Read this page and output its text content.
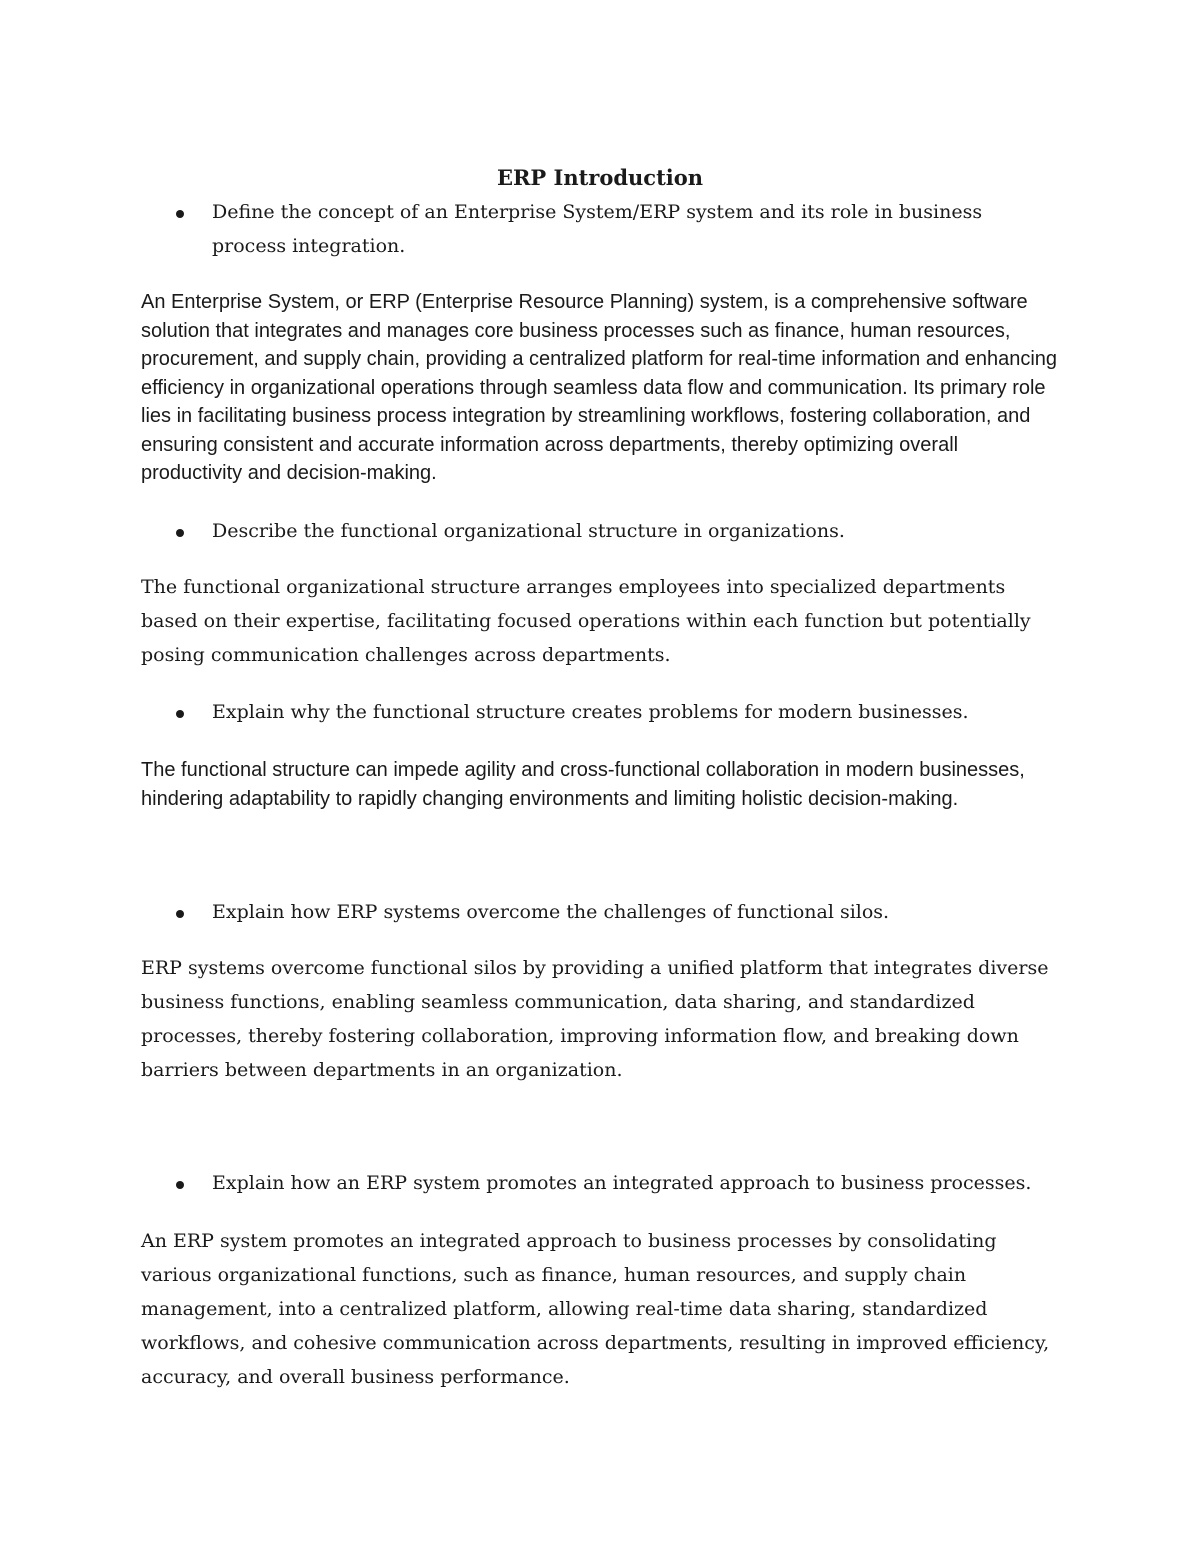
ERP Introduction
Define the concept of an Enterprise System/ERP system and its role in business process integration.

An Enterprise System, or ERP (Enterprise Resource Planning) system, is a comprehensive software solution that integrates and manages core business processes such as finance, human resources, procurement, and supply chain, providing a centralized platform for real-time information and enhancing efficiency in organizational operations through seamless data flow and communication. Its primary role lies in facilitating business process integration by streamlining workflows, fostering collaboration, and ensuring consistent and accurate information across departments, thereby optimizing overall productivity and decision-making.

Describe the functional organizational structure in organizations.

The functional organizational structure arranges employees into specialized departments based on their expertise, facilitating focused operations within each function but potentially posing communication challenges across departments.

Explain why the functional structure creates problems for modern businesses.

The functional structure can impede agility and cross-functional collaboration in modern businesses, hindering adaptability to rapidly changing environments and limiting holistic decision-making.

Explain how ERP systems overcome the challenges of functional silos.

ERP systems overcome functional silos by providing a unified platform that integrates diverse business functions, enabling seamless communication, data sharing, and standardized processes, thereby fostering collaboration, improving information flow, and breaking down barriers between departments in an organization.

Explain how an ERP system promotes an integrated approach to business processes.

An ERP system promotes an integrated approach to business processes by consolidating various organizational functions, such as finance, human resources, and supply chain management, into a centralized platform, allowing real-time data sharing, standardized workflows, and cohesive communication across departments, resulting in improved efficiency, accuracy, and overall business performance.
